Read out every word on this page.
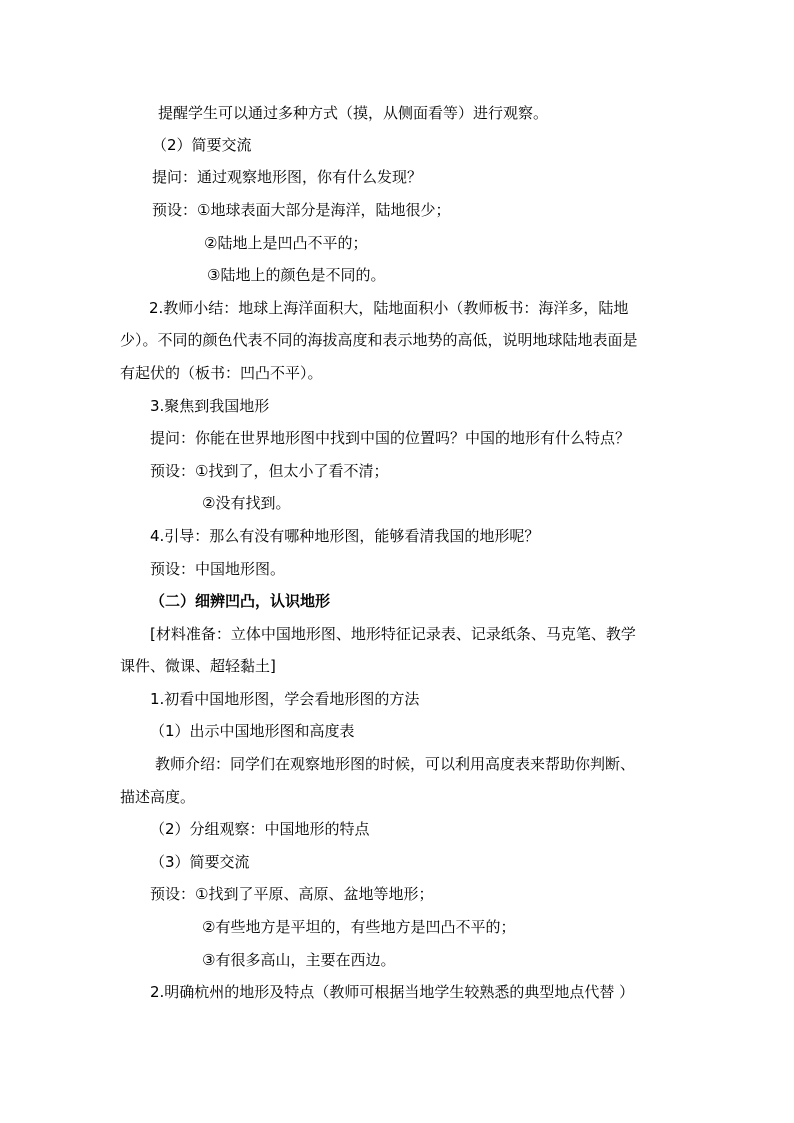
提醒学生可以通过多种方式（摸，从侧面看等）进行观察。
（2）简要交流
提问：通过观察地形图，你有什么发现？
预设：①地球表面大部分是海洋，陆地很少；
②陆地上是凹凸不平的；
③陆地上的颜色是不同的。
2.教师小结：地球上海洋面积大，陆地面积小（教师板书：海洋多，陆地
少）。不同的颜色代表不同的海拔高度和表示地势的高低，说明地球陆地表面是
有起伏的（板书：凹凸不平）。
3.聚焦到我国地形
提问：你能在世界地形图中找到中国的位置吗？中国的地形有什么特点？
预设：①找到了，但太小了看不清；
②没有找到。
4.引导：那么有没有哪种地形图，能够看清我国的地形呢？
预设：中国地形图。
（二）细辨凹凸，认识地形
[材料准备：立体中国地形图、地形特征记录表、记录纸条、马克笔、教学
课件、微课、超轻黏土]
1.初看中国地形图，学会看地形图的方法
（1）出示中国地形图和高度表
教师介绍：同学们在观察地形图的时候，可以利用高度表来帮助你判断、
描述高度。
（2）分组观察：中国地形的特点
（3）简要交流
预设：①找到了平原、高原、盆地等地形；
②有些地方是平坦的，有些地方是凹凸不平的；
③有很多高山，主要在西边。
2.明确杭州的地形及特点（教师可根据当地学生较熟悉的典型地点代替 ）
